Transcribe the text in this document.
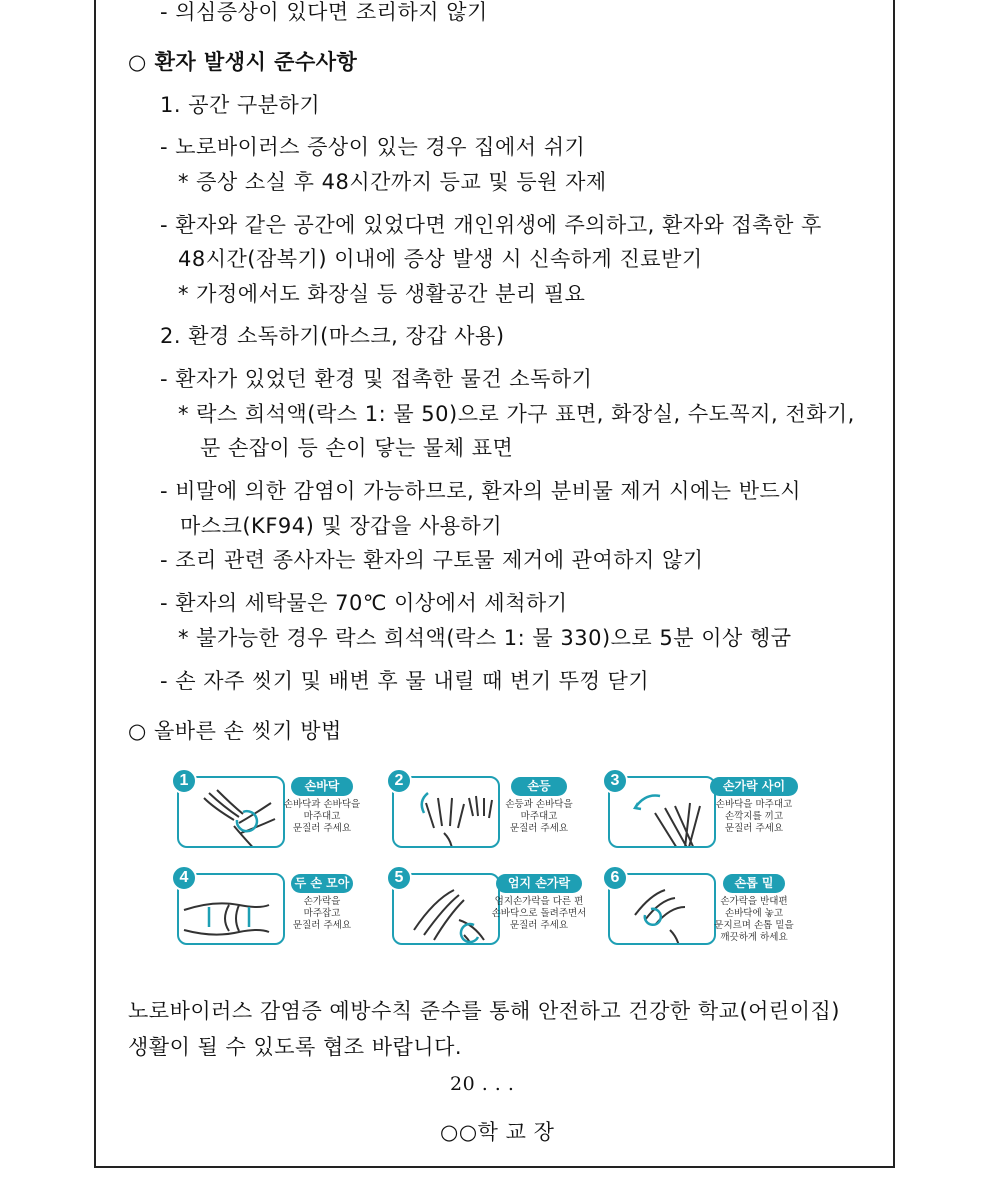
- 의심증상이 있다면 조리하지 않기
○ 환자 발생시 준수사항
1. 공간 구분하기
- 노로바이러스 증상이 있는 경우 집에서 쉬기
* 증상 소실 후 48시간까지 등교 및 등원 자제
- 환자와 같은 공간에 있었다면 개인위생에 주의하고, 환자와 접촉한 후
48시간(잠복기) 이내에 증상 발생 시 신속하게 진료받기
* 가정에서도 화장실 등 생활공간 분리 필요
2. 환경 소독하기(마스크, 장갑 사용)
- 환자가 있었던 환경 및 접촉한 물건 소독하기
* 락스 희석액(락스 1: 물 50)으로 가구 표면, 화장실, 수도꼭지, 전화기,
문 손잡이 등 손이 닿는 물체 표면
- 비말에 의한 감염이 가능하므로, 환자의 분비물 제거 시에는 반드시
마스크(KF94) 및 장갑을 사용하기
- 조리 관련 종사자는 환자의 구토물 제거에 관여하지 않기
- 환자의 세탁물은 70℃ 이상에서 세척하기
* 불가능한 경우 락스 희석액(락스 1: 물 330)으로 5분 이상 헹굼
- 손 자주 씻기 및 배변 후 물 내릴 때 변기 뚜껑 닫기
○ 올바른 손 씻기 방법
1	손바닥
손바닥과 손바닥을
마주대고
문질러 주세요
2	손등
손등과 손바닥을
마주대고
문질러 주세요
3	손가락 사이
손바닥을 마주대고
손깍지를 끼고
문질러 주세요
4	두 손 모아
손가락을
마주잡고
문질러 주세요
5	엄지 손가락
엄지손가락을 다른 편
손바닥으로 돌려주면서
문질러 주세요
6	손톱 밑
손가락을 반대편
손바닥에 놓고
문지르며 손톱 밑을
깨끗하게 하세요
노로바이러스 감염증 예방수칙 준수를 통해 안전하고 건강한 학교(어린이집)
생활이 될 수 있도록 협조 바랍니다.
20 . . .
○○학 교 장
